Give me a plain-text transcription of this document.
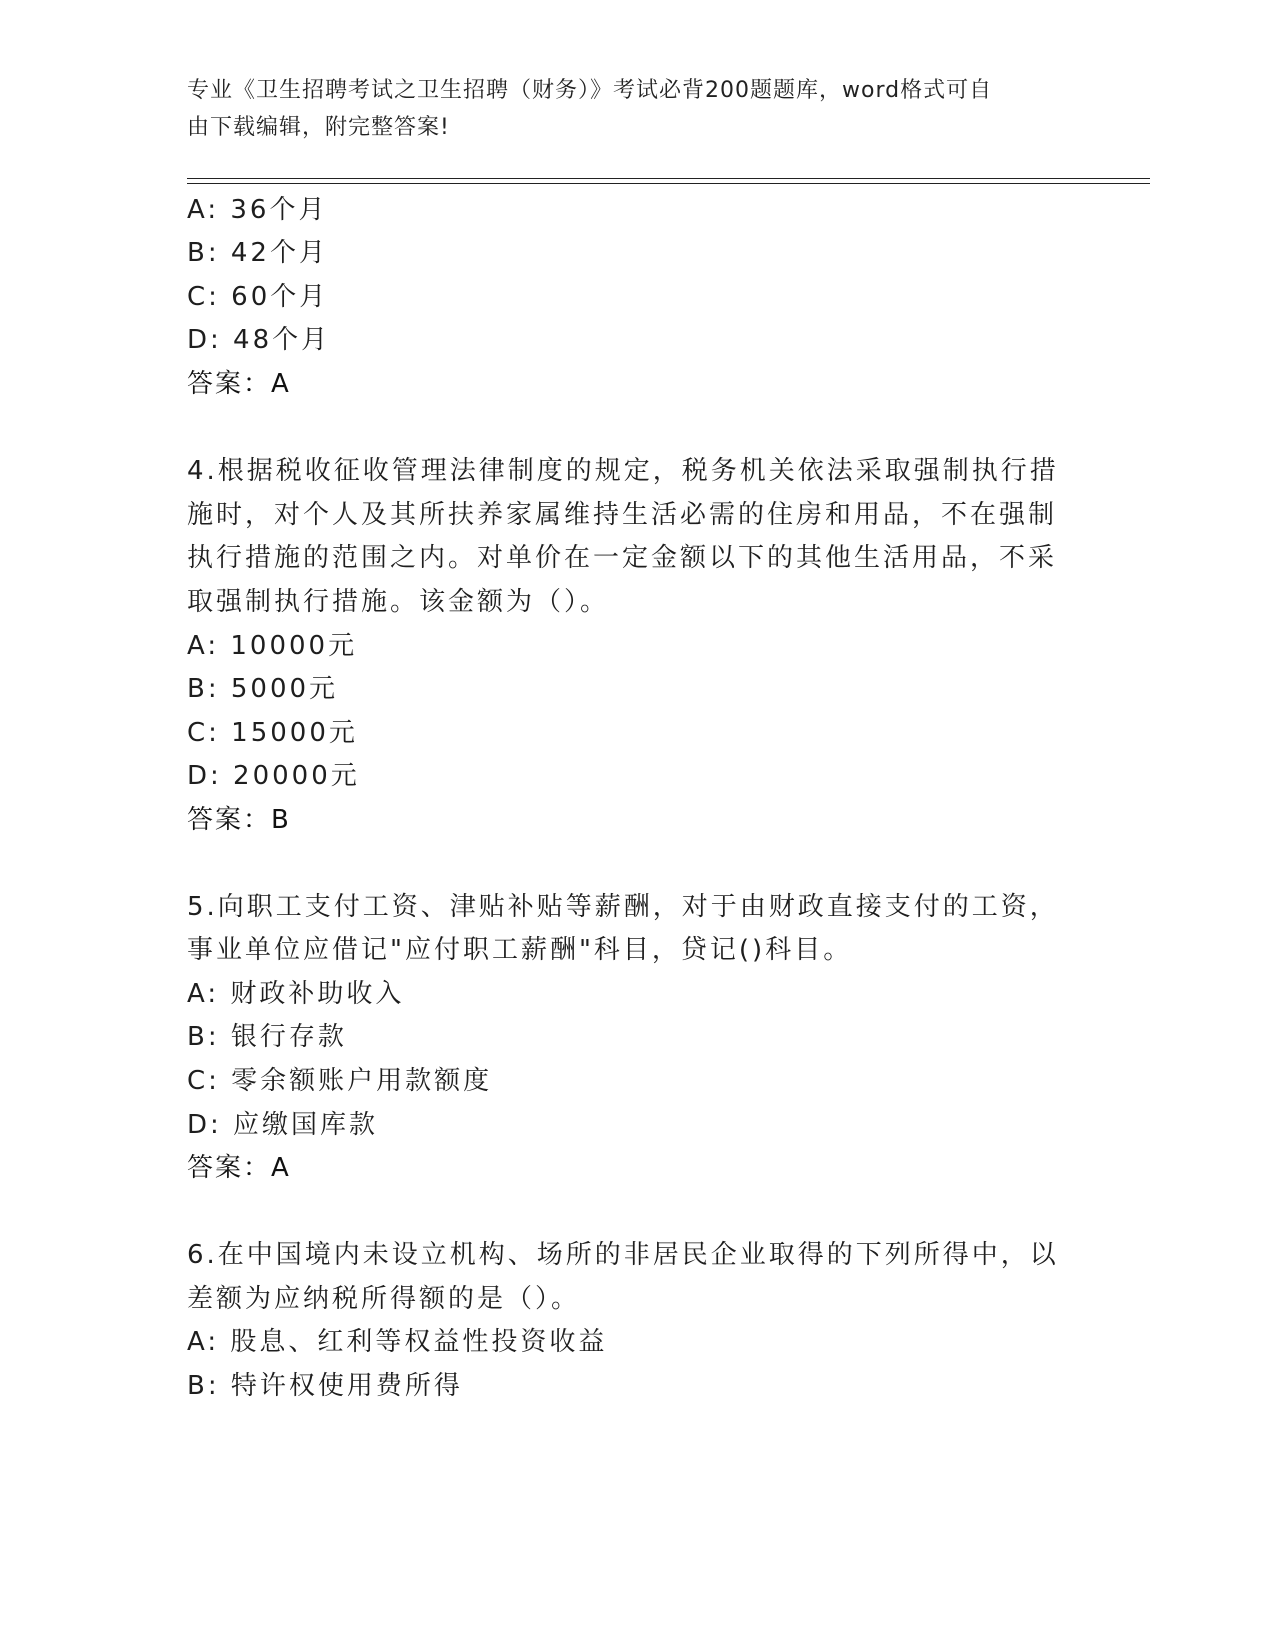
专业《卫生招聘考试之卫生招聘（财务）》考试必背200题题库，word格式可自
由下载编辑，附完整答案!
A: 36个月
B: 42个月
C: 60个月
D: 48个月
答案：A
4.根据税收征收管理法律制度的规定，税务机关依法采取强制执行措
施时，对个人及其所扶养家属维持生活必需的住房和用品，不在强制
执行措施的范围之内。对单价在一定金额以下的其他生活用品，不采
取强制执行措施。该金额为（）。
A: 10000元
B: 5000元
C: 15000元
D: 20000元
答案：B
5.向职工支付工资、津贴补贴等薪酬，对于由财政直接支付的工资，
事业单位应借记"应付职工薪酬"科目，贷记()科目。
A: 财政补助收入
B: 银行存款
C: 零余额账户用款额度
D: 应缴国库款
答案：A
6.在中国境内未设立机构、场所的非居民企业取得的下列所得中，以
差额为应纳税所得额的是（）。
A: 股息、红利等权益性投资收益
B: 特许权使用费所得
